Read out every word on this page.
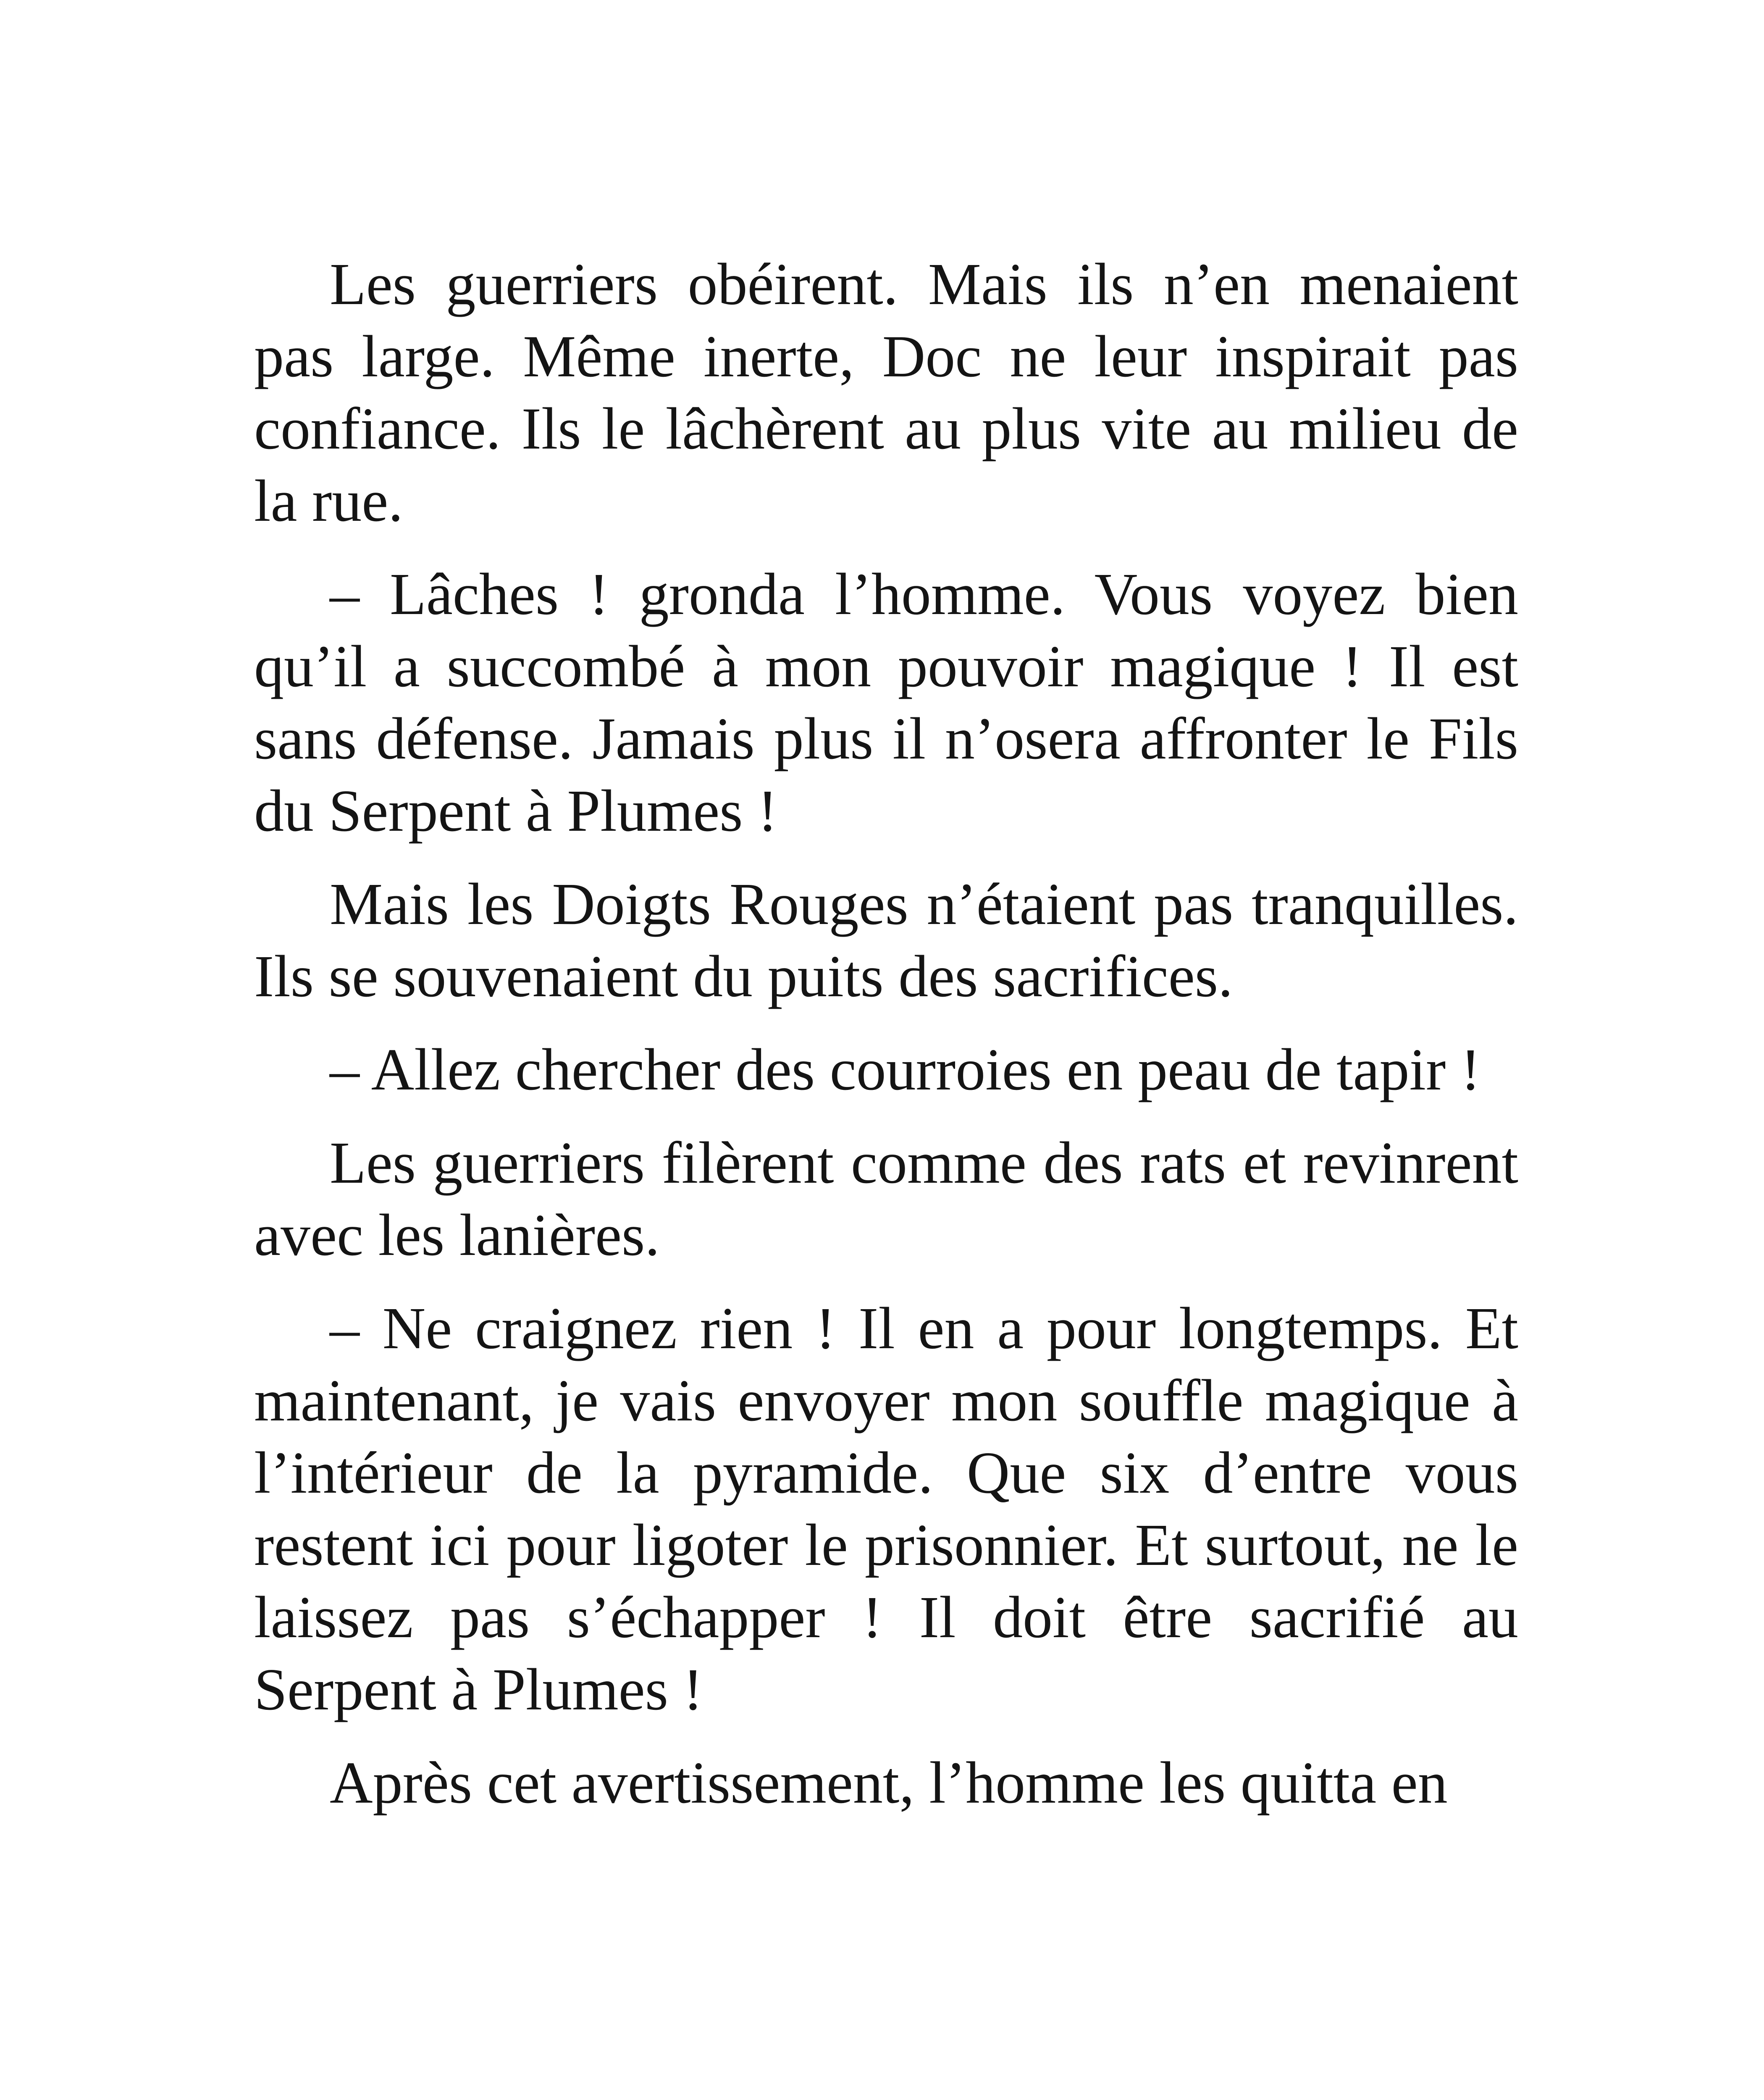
Les guerriers obéirent. Mais ils n’en menaient pas large. Même inerte, Doc ne leur inspirait pas confiance. Ils le lâchèrent au plus vite au milieu de la rue.

– Lâches ! gronda l’homme. Vous voyez bien qu’il a succombé à mon pouvoir magique ! Il est sans défense. Jamais plus il n’osera affronter le Fils du Serpent à Plumes !

Mais les Doigts Rouges n’étaient pas tranquilles. Ils se souvenaient du puits des sacrifices.

– Allez chercher des courroies en peau de tapir !

Les guerriers filèrent comme des rats et revinrent avec les lanières.

– Ne craignez rien ! Il en a pour longtemps. Et maintenant, je vais envoyer mon souffle magique à l’intérieur de la pyramide. Que six d’entre vous restent ici pour ligoter le prisonnier. Et surtout, ne le laissez pas s’échapper ! Il doit être sacrifié au Serpent à Plumes !

Après cet avertissement, l’homme les quitta en
